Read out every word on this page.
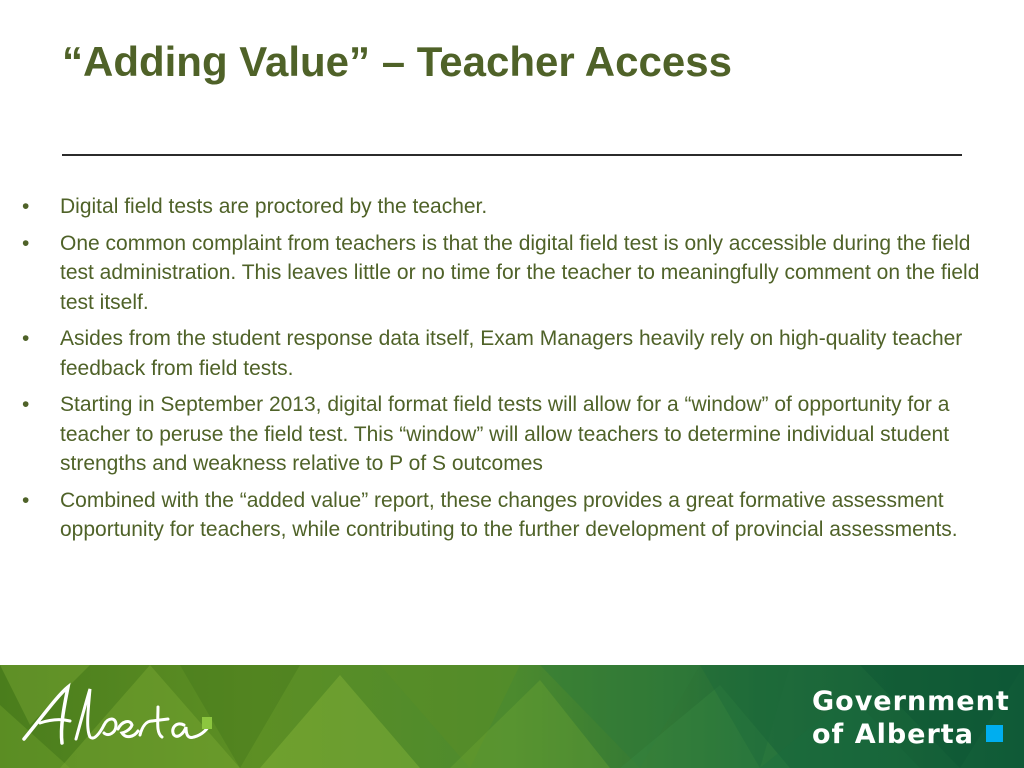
“Adding Value” – Teacher Access
• Digital field tests are proctored by the teacher.
• One common complaint from teachers is that the digital field test is only accessible during the field test administration. This leaves little or no time for the teacher to meaningfully comment on the field test itself.
• Asides from the student response data itself, Exam Managers heavily rely on high-quality teacher feedback from field tests.
• Starting in September 2013, digital format field tests will allow for a “window” of opportunity for a teacher to peruse the field test. This “window” will allow teachers to determine individual student strengths and weakness relative to P of S outcomes
• Combined with the “added value” report, these changes provides a great formative assessment opportunity for teachers, while contributing to the further development of provincial assessments.
Government
of Alberta
